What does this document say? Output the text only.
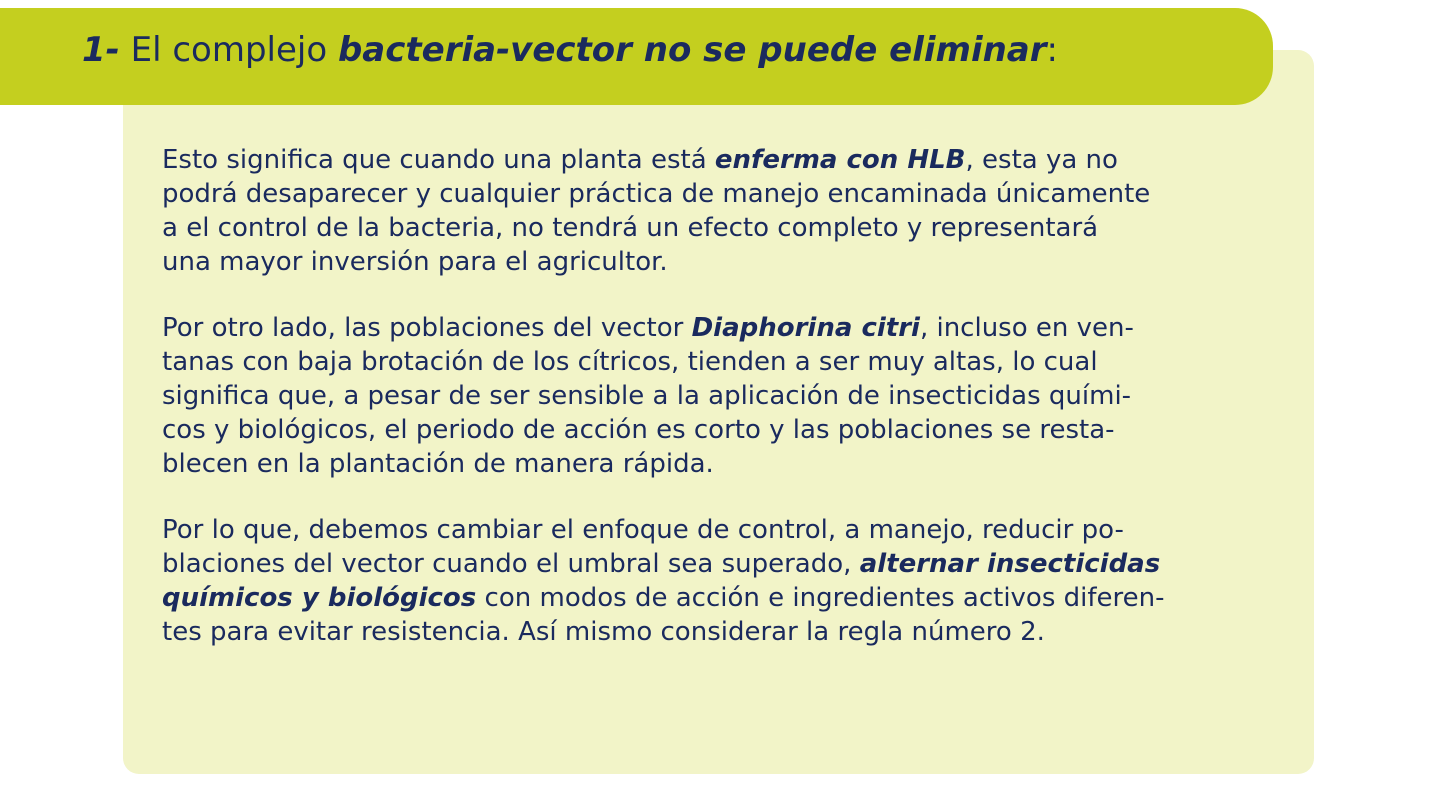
1- El complejo bacteria-vector no se puede eliminar:

Esto significa que cuando una planta está enferma con HLB, esta ya no
podrá desaparecer y cualquier práctica de manejo encaminada únicamente
a el control de la bacteria, no tendrá un efecto completo y representará
una mayor inversión para el agricultor.

Por otro lado, las poblaciones del vector Diaphorina citri, incluso en ven-
tanas con baja brotación de los cítricos, tienden a ser muy altas, lo cual
significa que, a pesar de ser sensible a la aplicación de insecticidas quími-
cos y biológicos, el periodo de acción es corto y las poblaciones se resta-
blecen en la plantación de manera rápida.

Por lo que, debemos cambiar el enfoque de control, a manejo, reducir po-
blaciones del vector cuando el umbral sea superado, alternar insecticidas
químicos y biológicos con modos de acción e ingredientes activos diferen-
tes para evitar resistencia. Así mismo considerar la regla número 2.
